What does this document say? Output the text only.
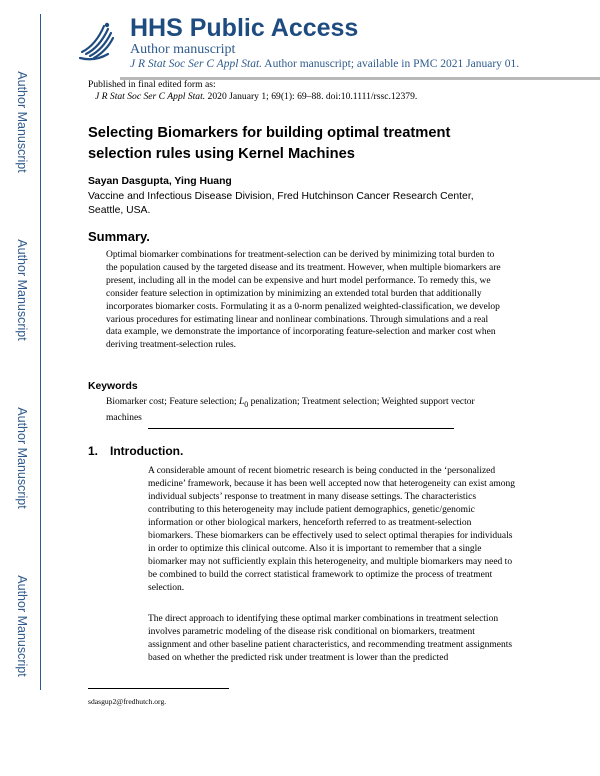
Author Manuscript
Author Manuscript
Author Manuscript
Author Manuscript
HHS Public Access
Author manuscript
J R Stat Soc Ser C Appl Stat. Author manuscript; available in PMC 2021 January 01.
Published in final edited form as:
J R Stat Soc Ser C Appl Stat. 2020 January 1; 69(1): 69–88. doi:10.1111/rssc.12379.
Selecting Biomarkers for building optimal treatment selection rules using Kernel Machines
Sayan Dasgupta, Ying Huang
Vaccine and Infectious Disease Division, Fred Hutchinson Cancer Research Center, Seattle, USA.
Summary.
Optimal biomarker combinations for treatment-selection can be derived by minimizing total burden to the population caused by the targeted disease and its treatment. However, when multiple biomarkers are present, including all in the model can be expensive and hurt model performance. To remedy this, we consider feature selection in optimization by minimizing an extended total burden that additionally incorporates biomarker costs. Formulating it as a 0-norm penalized weighted-classification, we develop various procedures for estimating linear and nonlinear combinations. Through simulations and a real data example, we demonstrate the importance of incorporating feature-selection and marker cost when deriving treatment-selection rules.
Keywords
Biomarker cost; Feature selection; $L_0$ penalization; Treatment selection; Weighted support vector machines
1. Introduction.
A considerable amount of recent biometric research is being conducted in the ‘personalized medicine’ framework, because it has been well accepted now that heterogeneity can exist among individual subjects’ response to treatment in many disease settings. The characteristics contributing to this heterogeneity may include patient demographics, genetic/genomic information or other biological markers, henceforth referred to as treatment-selection biomarkers. These biomarkers can be effectively used to select optimal therapies for individuals in order to optimize this clinical outcome. Also it is important to remember that a single biomarker may not sufficiently explain this heterogeneity, and multiple biomarkers may need to be combined to build the correct statistical framework to optimize the process of treatment selection.
The direct approach to identifying these optimal marker combinations in treatment selection involves parametric modeling of the disease risk conditional on biomarkers, treatment assignment and other baseline patient characteristics, and recommending treatment assignments based on whether the predicted risk under treatment is lower than the predicted
sdasgup2@fredhutch.org.
